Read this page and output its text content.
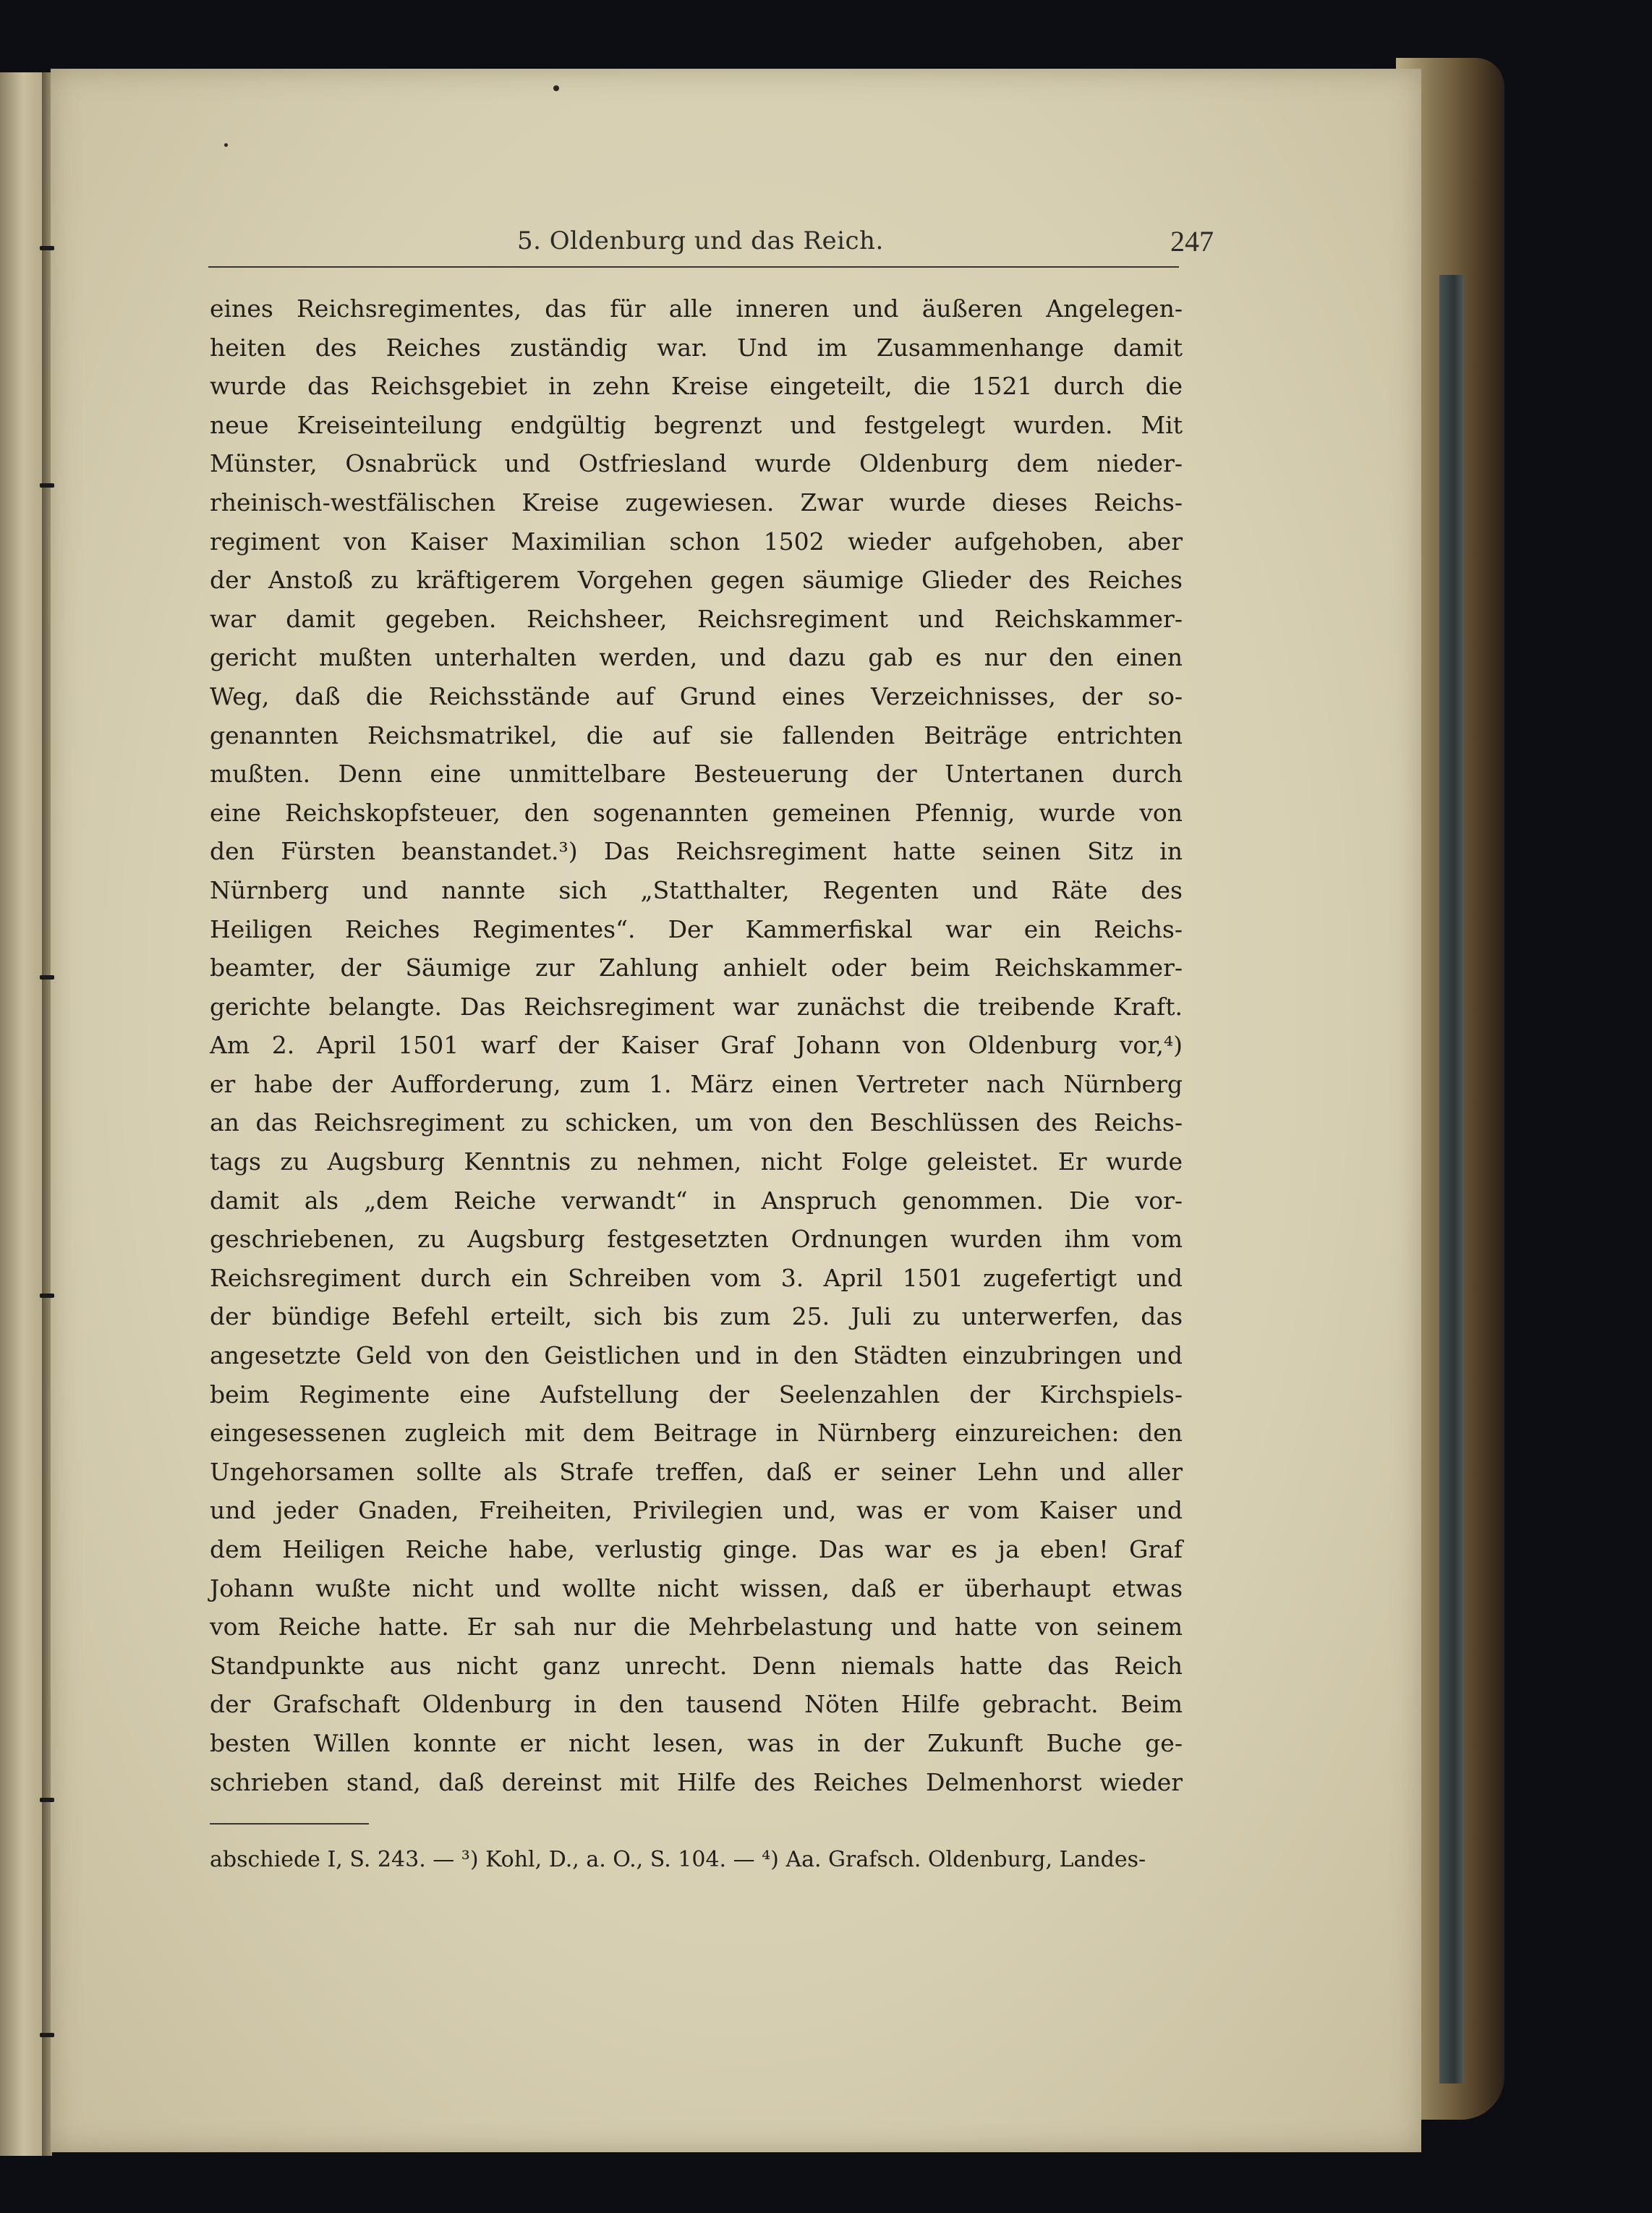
5. Oldenburg und das Reich.	247
eines Reichsregimentes, das für alle inneren und äußeren Angelegen-
heiten des Reiches zuständig war. Und im Zusammenhange damit
wurde das Reichsgebiet in zehn Kreise eingeteilt, die 1521 durch die
neue Kreiseinteilung endgültig begrenzt und festgelegt wurden. Mit
Münster, Osnabrück und Ostfriesland wurde Oldenburg dem nieder-
rheinisch-westfälischen Kreise zugewiesen. Zwar wurde dieses Reichs-
regiment von Kaiser Maximilian schon 1502 wieder aufgehoben, aber
der Anstoß zu kräftigerem Vorgehen gegen säumige Glieder des Reiches
war damit gegeben. Reichsheer, Reichsregiment und Reichskammer-
gericht mußten unterhalten werden, und dazu gab es nur den einen
Weg, daß die Reichsstände auf Grund eines Verzeichnisses, der so-
genannten Reichsmatrikel, die auf sie fallenden Beiträge entrichten
mußten. Denn eine unmittelbare Besteuerung der Untertanen durch
eine Reichskopfsteuer, den sogenannten gemeinen Pfennig, wurde von
den Fürsten beanstandet.³) Das Reichsregiment hatte seinen Sitz in
Nürnberg und nannte sich „Statthalter, Regenten und Räte des
Heiligen Reiches Regimentes“. Der Kammerfiskal war ein Reichs-
beamter, der Säumige zur Zahlung anhielt oder beim Reichskammer-
gerichte belangte. Das Reichsregiment war zunächst die treibende Kraft.
Am 2. April 1501 warf der Kaiser Graf Johann von Oldenburg vor,⁴)
er habe der Aufforderung, zum 1. März einen Vertreter nach Nürnberg
an das Reichsregiment zu schicken, um von den Beschlüssen des Reichs-
tags zu Augsburg Kenntnis zu nehmen, nicht Folge geleistet. Er wurde
damit als „dem Reiche verwandt“ in Anspruch genommen. Die vor-
geschriebenen, zu Augsburg festgesetzten Ordnungen wurden ihm vom
Reichsregiment durch ein Schreiben vom 3. April 1501 zugefertigt und
der bündige Befehl erteilt, sich bis zum 25. Juli zu unterwerfen, das
angesetzte Geld von den Geistlichen und in den Städten einzubringen und
beim Regimente eine Aufstellung der Seelenzahlen der Kirchspiels-
eingesessenen zugleich mit dem Beitrage in Nürnberg einzureichen: den
Ungehorsamen sollte als Strafe treffen, daß er seiner Lehn und aller
und jeder Gnaden, Freiheiten, Privilegien und, was er vom Kaiser und
dem Heiligen Reiche habe, verlustig ginge. Das war es ja eben! Graf
Johann wußte nicht und wollte nicht wissen, daß er überhaupt etwas
vom Reiche hatte. Er sah nur die Mehrbelastung und hatte von seinem
Standpunkte aus nicht ganz unrecht. Denn niemals hatte das Reich
der Grafschaft Oldenburg in den tausend Nöten Hilfe gebracht. Beim
besten Willen konnte er nicht lesen, was in der Zukunft Buche ge-
schrieben stand, daß dereinst mit Hilfe des Reiches Delmenhorst wieder
abschiede I, S. 243. — ³) Kohl, D., a. O., S. 104. — ⁴) Aa. Grafsch. Oldenburg, Landes-
